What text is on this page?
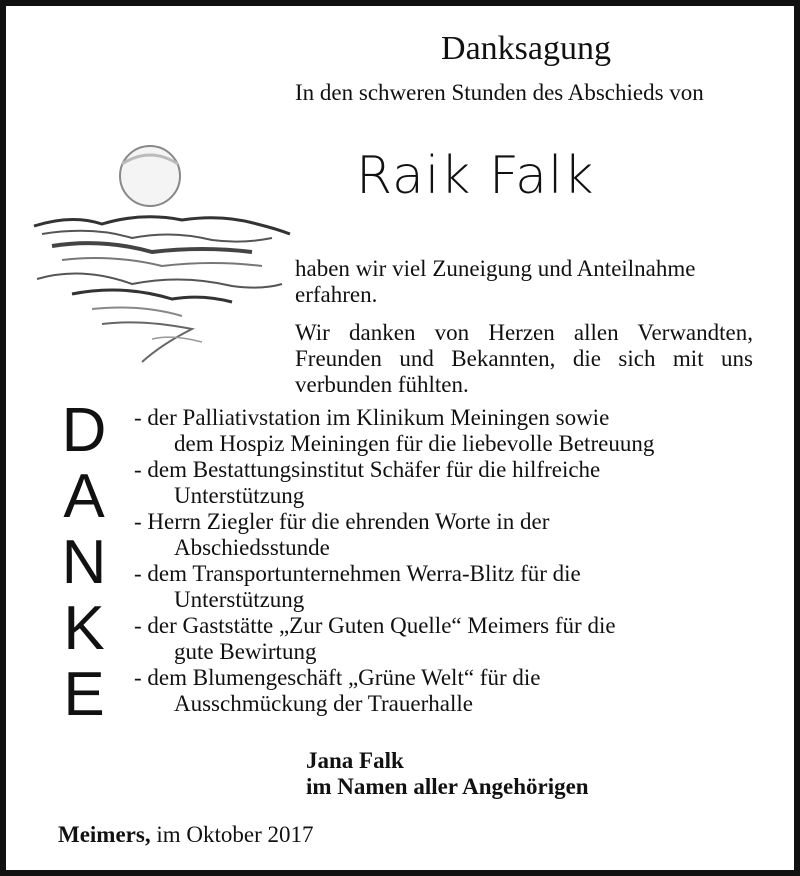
Danksagung
In den schweren Stunden des Abschieds von
Raik Falk
haben wir viel Zuneigung und Anteilnahme erfahren.
Wir danken von Herzen allen Verwandten, Freunden und Bekannten, die sich mit uns verbunden fühlten.
D
A
N
K
E
- der Palliativstation im Klinikum Meiningen sowie
dem Hospiz Meiningen für die liebevolle Betreuung
- dem Bestattungsinstitut Schäfer für die hilfreiche
Unterstützung
- Herrn Ziegler für die ehrenden Worte in der
Abschiedsstunde
- dem Transportunternehmen Werra-Blitz für die
Unterstützung
- der Gaststätte „Zur Guten Quelle“ Meimers für die
gute Bewirtung
- dem Blumengeschäft „Grüne Welt“ für die
Ausschmückung der Trauerhalle
Jana Falk
im Namen aller Angehörigen
Meimers, im Oktober 2017
